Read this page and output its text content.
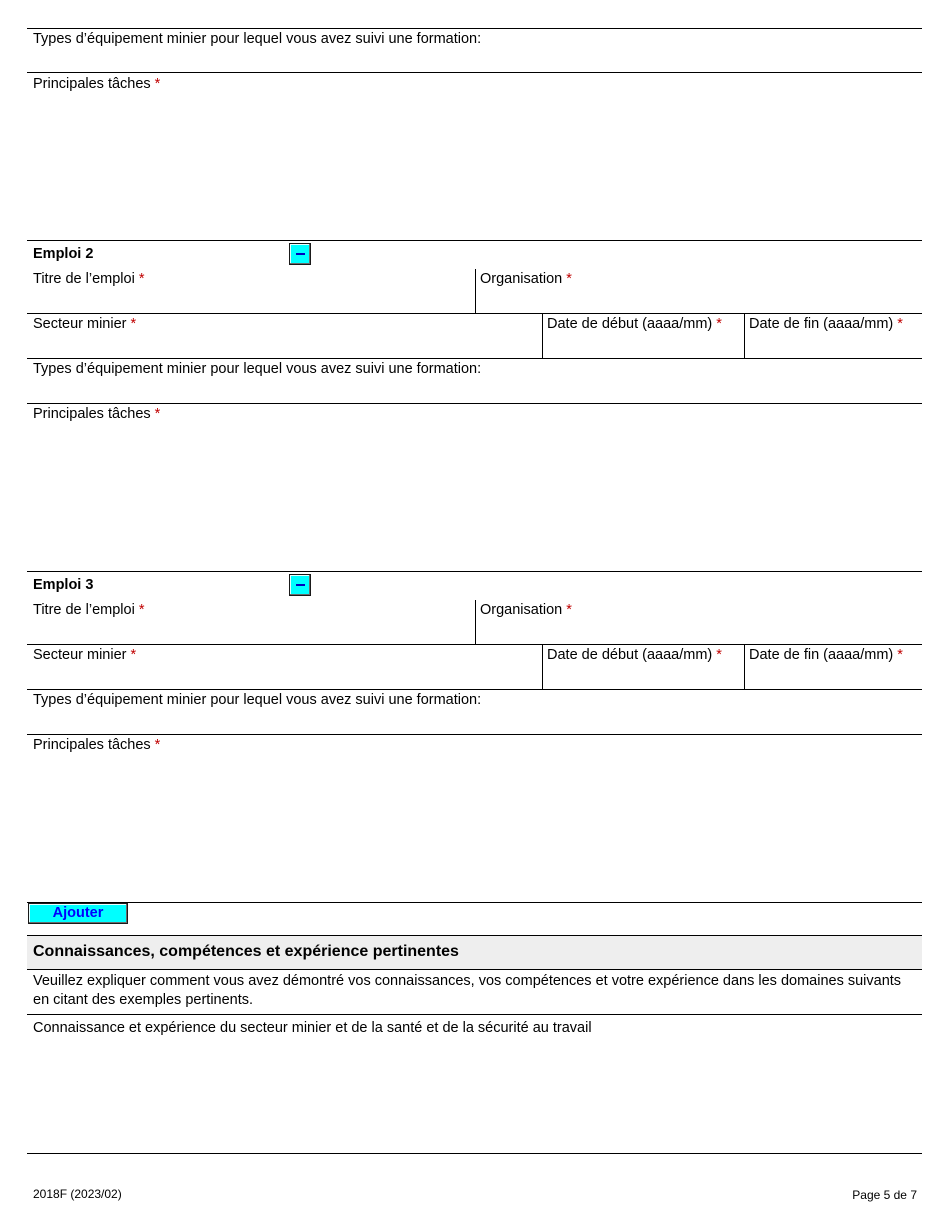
Types d’équipement minier pour lequel vous avez suivi une formation:
Principales tâches *
Emploi 2
Titre de l’emploi *	Organisation *
Secteur minier *	Date de début (aaaa/mm) * Date de fin (aaaa/mm) *
Types d’équipement minier pour lequel vous avez suivi une formation:
Principales tâches *
Emploi 3
Titre de l’emploi *	Organisation *
Secteur minier *	Date de début (aaaa/mm) * Date de fin (aaaa/mm) *
Types d’équipement minier pour lequel vous avez suivi une formation:
Principales tâches *
Ajouter
Connaissances, compétences et expérience pertinentes
Veuillez expliquer comment vous avez démontré vos connaissances, vos compétences et votre expérience dans les domaines suivants en citant des exemples pertinents.
Connaissance et expérience du secteur minier et de la santé et de la sécurité au travail
2018F (2023/02)	Page 5 de 7
